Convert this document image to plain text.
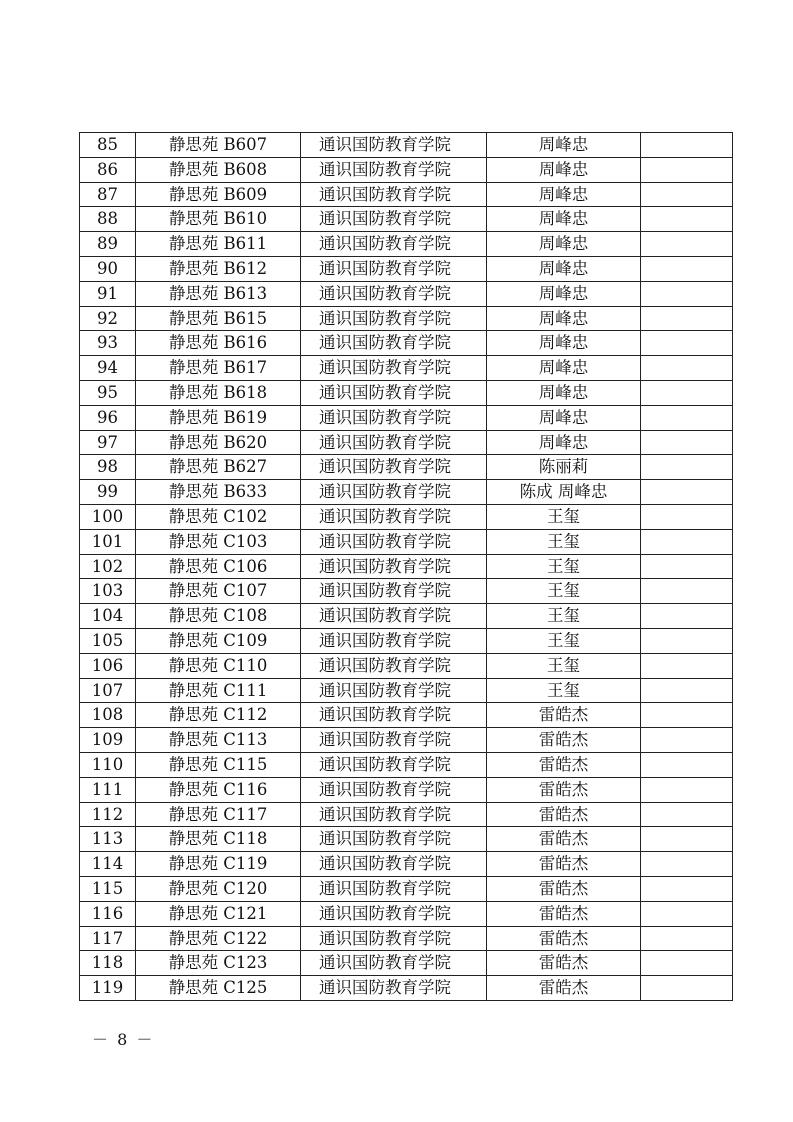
85	静思苑 B607	通识国防教育学院	周峰忠	
86	静思苑 B608	通识国防教育学院	周峰忠	
87	静思苑 B609	通识国防教育学院	周峰忠	
88	静思苑 B610	通识国防教育学院	周峰忠	
89	静思苑 B611	通识国防教育学院	周峰忠	
90	静思苑 B612	通识国防教育学院	周峰忠	
91	静思苑 B613	通识国防教育学院	周峰忠	
92	静思苑 B615	通识国防教育学院	周峰忠	
93	静思苑 B616	通识国防教育学院	周峰忠	
94	静思苑 B617	通识国防教育学院	周峰忠	
95	静思苑 B618	通识国防教育学院	周峰忠	
96	静思苑 B619	通识国防教育学院	周峰忠	
97	静思苑 B620	通识国防教育学院	周峰忠	
98	静思苑 B627	通识国防教育学院	陈丽莉	
99	静思苑 B633	通识国防教育学院	陈成 周峰忠	
100	静思苑 C102	通识国防教育学院	王玺	
101	静思苑 C103	通识国防教育学院	王玺	
102	静思苑 C106	通识国防教育学院	王玺	
103	静思苑 C107	通识国防教育学院	王玺	
104	静思苑 C108	通识国防教育学院	王玺	
105	静思苑 C109	通识国防教育学院	王玺	
106	静思苑 C110	通识国防教育学院	王玺	
107	静思苑 C111	通识国防教育学院	王玺	
108	静思苑 C112	通识国防教育学院	雷皓杰	
109	静思苑 C113	通识国防教育学院	雷皓杰	
110	静思苑 C115	通识国防教育学院	雷皓杰	
111	静思苑 C116	通识国防教育学院	雷皓杰	
112	静思苑 C117	通识国防教育学院	雷皓杰	
113	静思苑 C118	通识国防教育学院	雷皓杰	
114	静思苑 C119	通识国防教育学院	雷皓杰	
115	静思苑 C120	通识国防教育学院	雷皓杰	
116	静思苑 C121	通识国防教育学院	雷皓杰	
117	静思苑 C122	通识国防教育学院	雷皓杰	
118	静思苑 C123	通识国防教育学院	雷皓杰	
119	静思苑 C125	通识国防教育学院	雷皓杰	
－ 8 －
